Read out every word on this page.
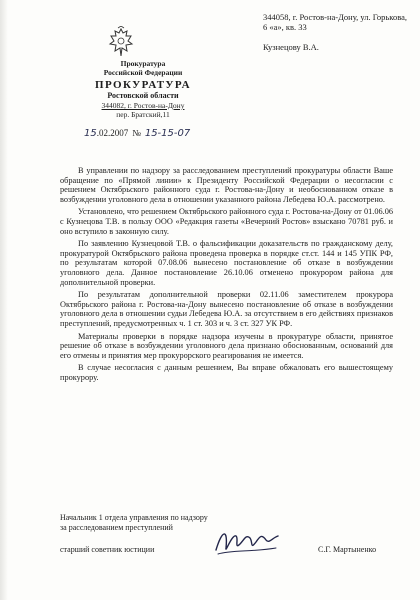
344058, г. Ростов-на-Дону, ул. Горькова, 6 «а», кв. 33
Кузнецову В.А.
Прокуратура
Российской Федерации
ПРОКУРАТУРА
Ростовской области
344082, г. Ростов-на-Дону
пер. Братский,11
15 .02.2007 № 15-15-07

В управлении по надзору за расследованием преступлений прокуратуры области Ваше обращение по «Прямой линии» к Президенту Российской Федерации о несогласии с решением Октябрьского районного суда г. Ростова-на-Дону и необоснованном отказе в возбуждении уголовного дела в отношении указанного района Лебедева Ю.А. рассмотрено.

Установлено, что решением Октябрьского районного суда г. Ростова-на-Дону от 01.06.06 с Кузнецова Т.В. в пользу ООО «Редакция газеты «Вечерний Ростов» взыскано 70781 руб. и оно вступило в законную силу.

По заявлению Кузнецовой Т.В. о фальсификации доказательств по гражданскому делу, прокуратурой Октябрьского района проведена проверка в порядке ст.ст. 144 и 145 УПК РФ, по результатам которой 07.08.06 вынесено постановление об отказе в возбуждении уголовного дела. Данное постановление 26.10.06 отменено прокурором района для дополнительной проверки.

По результатам дополнительной проверки 02.11.06 заместителем прокурора Октябрьского района г. Ростова-на-Дону вынесено постановление об отказе в возбуждении уголовного дела в отношении судьи Лебедева Ю.А. за отсутствием в его действиях признаков преступлений, предусмотренных ч. 1 ст. 303 и ч. 3 ст. 327 УК РФ.

Материалы проверки в порядке надзора изучены в прокуратуре области, принятое решение об отказе в возбуждении уголовного дела признано обоснованным, оснований для его отмены и принятия мер прокурорского реагирования не имеется.

В случае несогласия с данным решением, Вы вправе обжаловать его вышестоящему прокурору.

Начальник 1 отдела управления по надзору
за расследованием преступлений
старший советник юстиции	С.Г. Мартыненко
